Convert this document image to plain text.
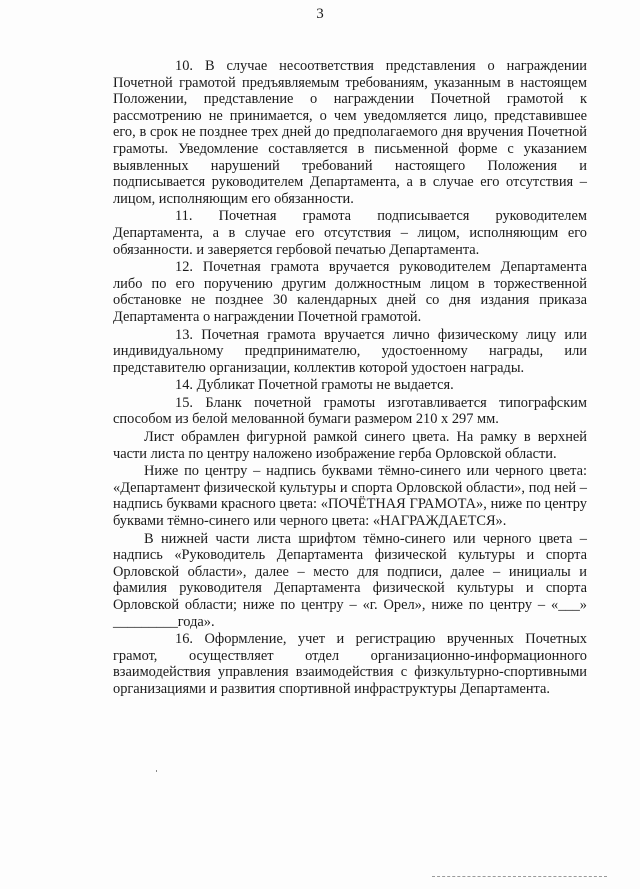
3

10. В случае несоответствия представления о награждении Почетной грамотой предъявляемым требованиям, указанным в настоящем Положении, представление о награждении Почетной грамотой к рассмотрению не принимается, о чем уведомляется лицо, представившее его, в срок не позднее трех дней до предполагаемого дня вручения Почетной грамоты. Уведомление составляется в письменной форме с указанием выявленных нарушений требований настоящего Положения и подписывается руководителем Департамента, а в случае его отсутствия – лицом, исполняющим его обязанности.

11. Почетная грамота подписывается руководителем Департамента, а в случае его отсутствия – лицом, исполняющим его обязанности. и заверяется гербовой печатью Департамента.

12. Почетная грамота вручается руководителем Департамента либо по его поручению другим должностным лицом в торжественной обстановке не позднее 30 календарных дней со дня издания приказа Департамента о награждении Почетной грамотой.

13. Почетная грамота вручается лично физическому лицу или индивидуальному предпринимателю, удостоенному награды, или представителю организации, коллектив которой удостоен награды.

14. Дубликат Почетной грамоты не выдается.

15. Бланк почетной грамоты изготавливается типографским способом из белой мелованной бумаги размером 210 х 297 мм.

Лист обрамлен фигурной рамкой синего цвета. На рамку в верхней части листа по центру наложено изображение герба Орловской области.

Ниже по центру – надпись буквами тёмно-синего или черного цвета: «Департамент физической культуры и спорта Орловской области», под ней – надпись буквами красного цвета: «ПОЧЁТНАЯ ГРАМОТА», ниже по центру буквами тёмно-синего или черного цвета: «НАГРАЖДАЕТСЯ».

В нижней части листа шрифтом тёмно-синего или черного цвета – надпись «Руководитель Департамента физической культуры и спорта Орловской области», далее – место для подписи, далее – инициалы и фамилия руководителя Департамента физической культуры и спорта Орловской области; ниже по центру – «г. Орел», ниже по центру – «___» _________года».

16. Оформление, учет и регистрацию врученных Почетных грамот, осуществляет отдел организационно-информационного взаимодействия управления взаимодействия с физкультурно-спортивными организациями и развития спортивной инфраструктуры Департамента.
